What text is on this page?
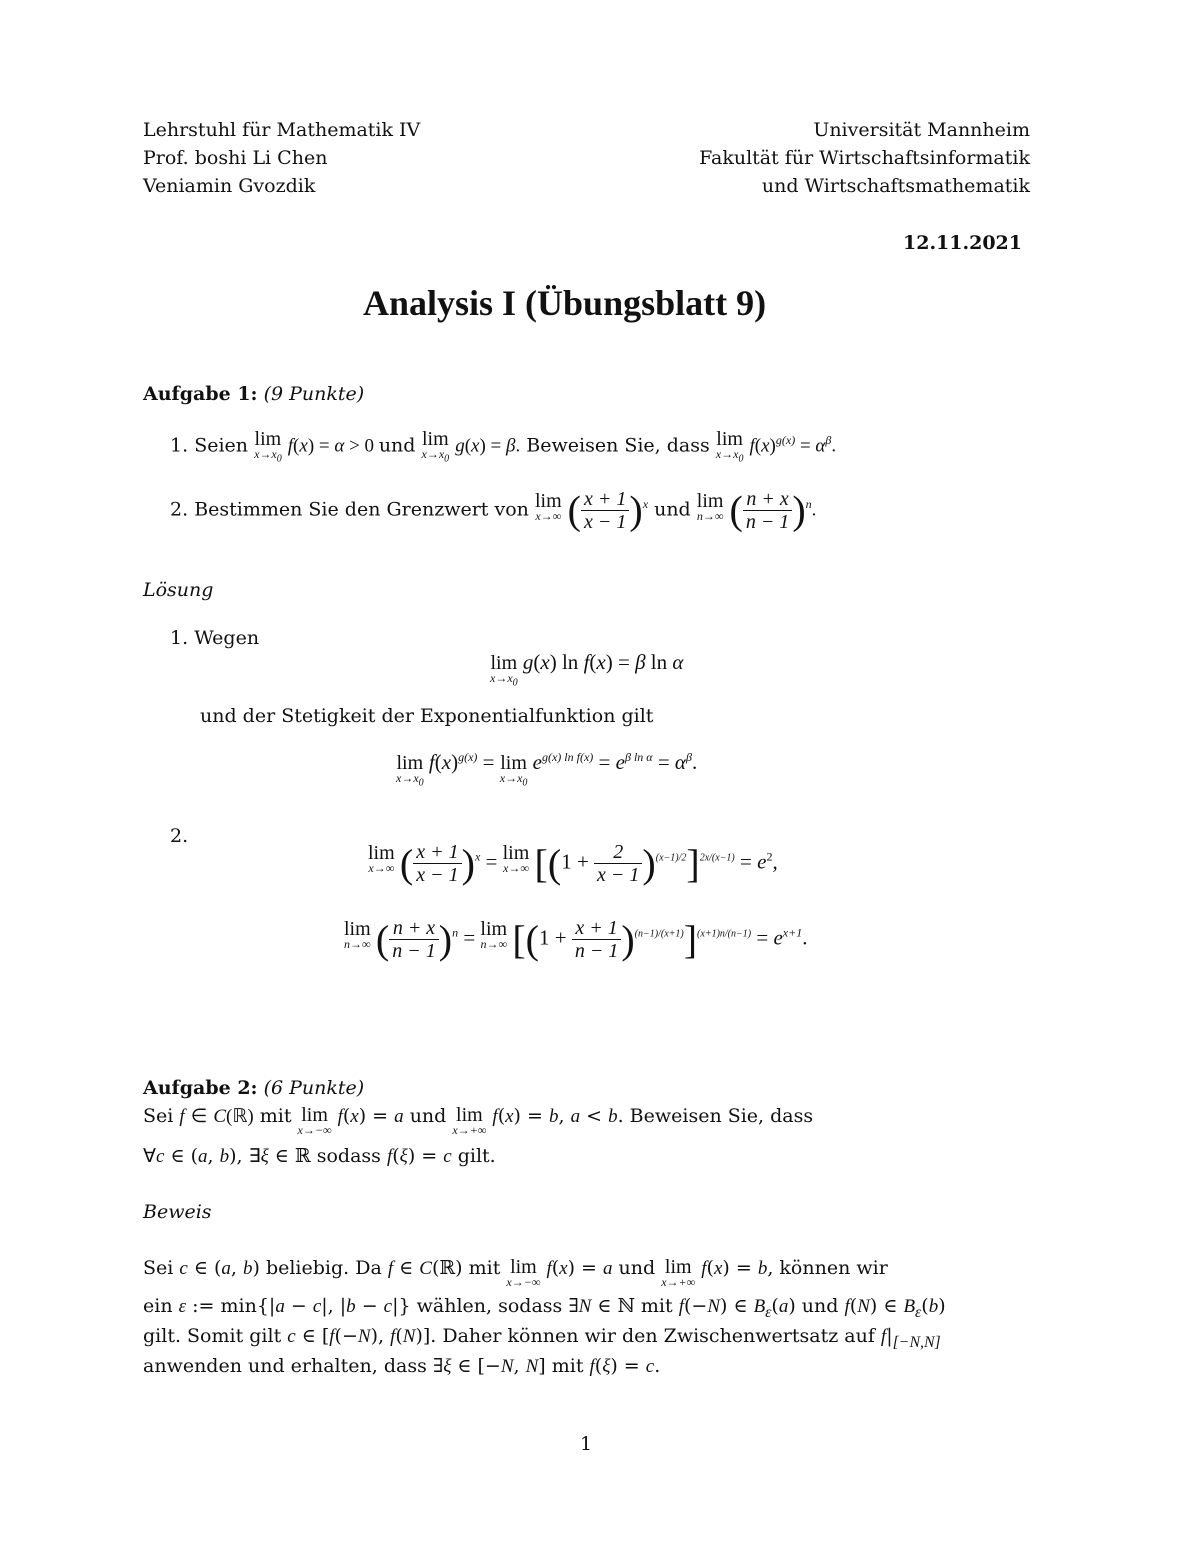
Lehrstuhl für Mathematik IV
Prof. boshi Li Chen
Veniamin Gvozdik
Universität Mannheim
Fakultät für Wirtschaftsinformatik
und Wirtschaftsmathematik
12.11.2021
Analysis I (Übungsblatt 9)
Aufgabe 1: (9 Punkte)
1. Seien lim
$x\to x_0$
f(x) = α > 0 und lim
$x\to x_0$
g(x) = β. Beweisen Sie, dass lim
$x\to x_0$
$f(x)^{g(x)} = \alpha^\beta$.
2. Bestimmen Sie den Grenzwert von lim
x→∞ ( $\frac{x + 1}{x - 1} )^x$ und lim
n→∞ ( $\frac{n + x}{n - 1} )^n$.
Lösung
1. Wegen
lim
$x\to x_0$
g(x) ln f(x) = β ln α
und der Stetigkeit der Exponentialfunktion gilt
lim
$x\to x_0$
$f(x)^{g(x)} = \lim$
$x\to x_0$
$e^{g(x) ln f(x)} = e^{\beta ln \alpha} = \alpha^\beta$.
2.
lim
x→∞ ( $\frac{x + 1}{x - 1} )^x = \lim$
x→∞ $[(1 + \frac{2}{x - 1} )^{(x-1)/2}]^{2x/(x-1)} = e^2$,
lim
n→∞ ( $\frac{n + x}{n - 1} )^n = \lim$
n→∞ $[(1 + \frac{x + 1}{n - 1} )^{(n-1)/(x+1)}]^{(x+1)n/(n-1)} = e^{x+1}$.
Aufgabe 2: (6 Punkte)
Sei f ∈ C(ℝ) mit lim
x→−∞
f(x) = a und lim
x→+∞
f(x) = b, a < b. Beweisen Sie, dass
∀c ∈ (a, b), ∃ξ ∈ ℝ sodass f(ξ) = c gilt.
Beweis
Sei c ∈ (a, b) beliebig. Da f ∈ C(ℝ) mit lim
x→−∞
f(x) = a und lim
x→+∞
f(x) = b, können wir
ein ε := min{|a − c|, |b − c|} wählen, sodass ∃N ∈ ℕ mit f(−N) ∈ $B_\varepsilon(a)$ und f(N) ∈ $B_\varepsilon(b)$
gilt. Somit gilt c ∈ [f(−N), f(N)]. Daher können wir den Zwischenwertsatz auf $f|_{[-N,N]}$
anwenden und erhalten, dass ∃ξ ∈ [−N, N] mit f(ξ) = c.
1
